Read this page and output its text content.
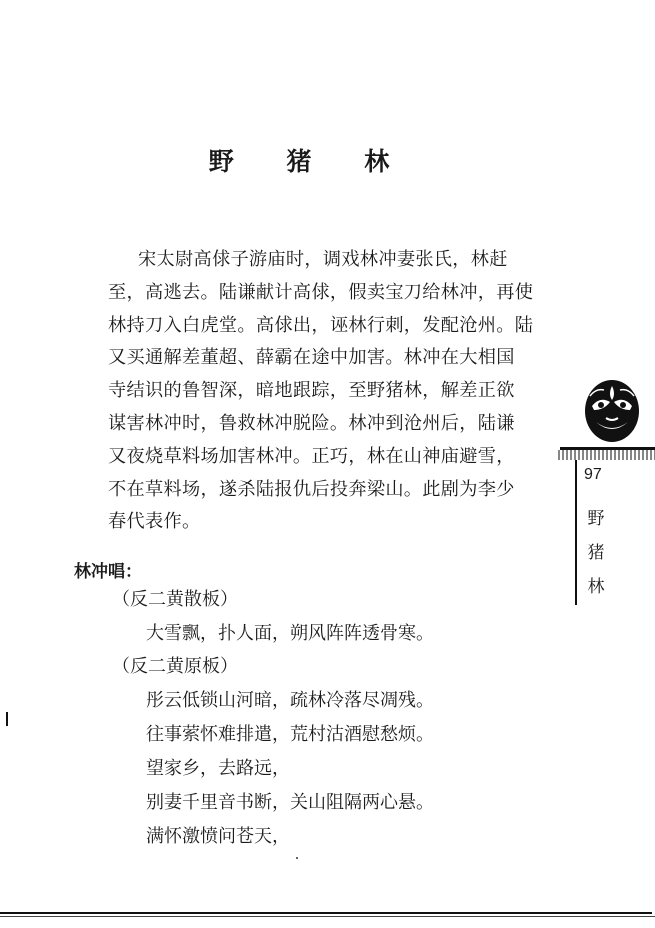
野 猪 林
宋太尉高俅子游庙时，调戏林冲妻张氏，林赶
至，高逃去。陆谦献计高俅，假卖宝刀给林冲，再使
林持刀入白虎堂。高俅出，诬林行刺，发配沧州。陆
又买通解差董超、薛霸在途中加害。林冲在大相国
寺结识的鲁智深，暗地跟踪，至野猪林，解差正欲
谋害林冲时，鲁救林冲脱险。林冲到沧州后，陆谦
又夜烧草料场加害林冲。正巧，林在山神庙避雪，
不在草料场，遂杀陆报仇后投奔梁山。此剧为李少
春代表作。
林冲唱：
（反二黄散板）
大雪飘，扑人面，朔风阵阵透骨寒。
（反二黄原板）
彤云低锁山河暗，疏林冷落尽凋残。
往事萦怀难排遣，荒村沽酒慰愁烦。
望家乡，去路远，
别妻千里音书断，关山阻隔两心悬。
满怀激愤问苍天，
97
野
猪
林
